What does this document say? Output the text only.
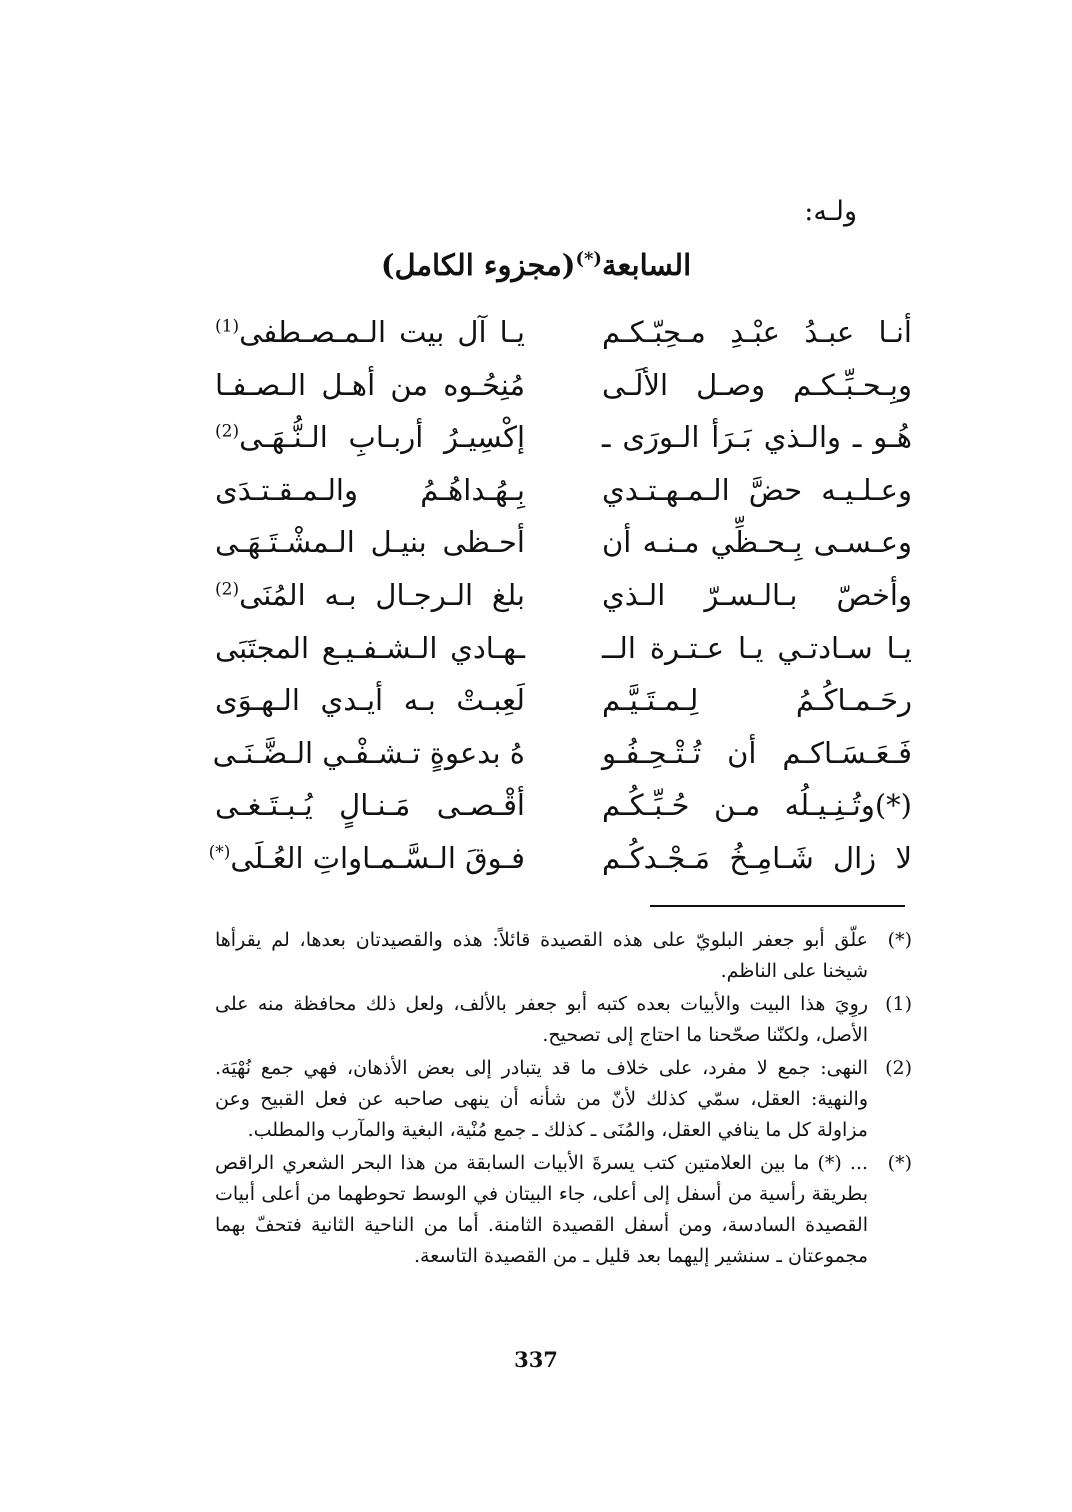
ولـه:
السابعة(*)(مجزوء الكامل)
أنـا عبـدُ عبْـدِ مـحِبّـكـم
يـا آل بيت الـمـصـطفى$^{(1)}$
وبِـحـبِّـكـم وصـل الألَـى
مُنِحُـوه من أهـل الـصـفـا
هُـو ـ والـذي بَـرَأ الـورَى ـ
إكْسِيـرُ أربـابِ الـنُّـهَـى$^{(2)}$
وعـلـيـه حضَّ الـمـهـتـدي
بِـهُـداهُـمُ والـمـقـتـدَى
وعـسـى بِـحـظِّي مـنـه أن
أحـظى بنيـل الـمشْـتَـهَـى
وأخصّ بـالـسـرّ الـذي
بلغ الـرجـال بـه المُنَى$^{(2)}$
يـا سـادتـي يـا عـتـرة الــ
ـهـادي الـشـفـيـع المجتَبَى
رحَـمـاكُـمُ لِـمـتَـيَّـم
لَعِبـتْ بـه أيـدي الـهـوَى
فَـعَـسَـاكـم أن تُـتْـحِـفُـو
هُ بدعوةٍ تـشـفْـي الـضَّـنَـى
(*)وتُـنِـيـلُه مـن حُـبِّـكُـم
أقْـصـى مَـنـالٍ يُـبـتَـغـى
لا زال شَـامِـخُ مَـجْـدكُـم
فـوقَ الـسَّـمـاواتِ العُـلَى(*)
(*)
علّق أبو جعفر البلويّ على هذه القصيدة قائلاً: هذه والقصيدتان بعدها، لم يقرأها شيخنا على الناظم.
(1)
روِيَ هذا البيت والأبيات بعده كتبه أبو جعفر بالألف، ولعل ذلك محافظة منه على الأصل، ولكنّنا صحّحنا ما احتاج إلى تصحيح.
(2)
النهى: جمع لا مفرد، على خلاف ما قد يتبادر إلى بعض الأذهان، فهي جمع نُهْيَة. والنهية: العقل، سمّي كذلك لأنّ من شأنه أن ينهى صاحبه عن فعل القبيح وعن مزاولة كل ما ينافي العقل، والمُنَى ـ كذلك ـ جمع مُنْية، البغية والمآرب والمطلب.
(*)
... (*) ما بين العلامتين كتب يسرةَ الأبيات السابقة من هذا البحر الشعري الراقص بطريقة رأسية من أسفل إلى أعلى، جاء البيتان في الوسط تحوطهما من أعلى أبيات القصيدة السادسة، ومن أسفل القصيدة الثامنة. أما من الناحية الثانية فتحفّ بهما مجموعتان ـ سنشير إليهما بعد قليل ـ من القصيدة التاسعة.
337
